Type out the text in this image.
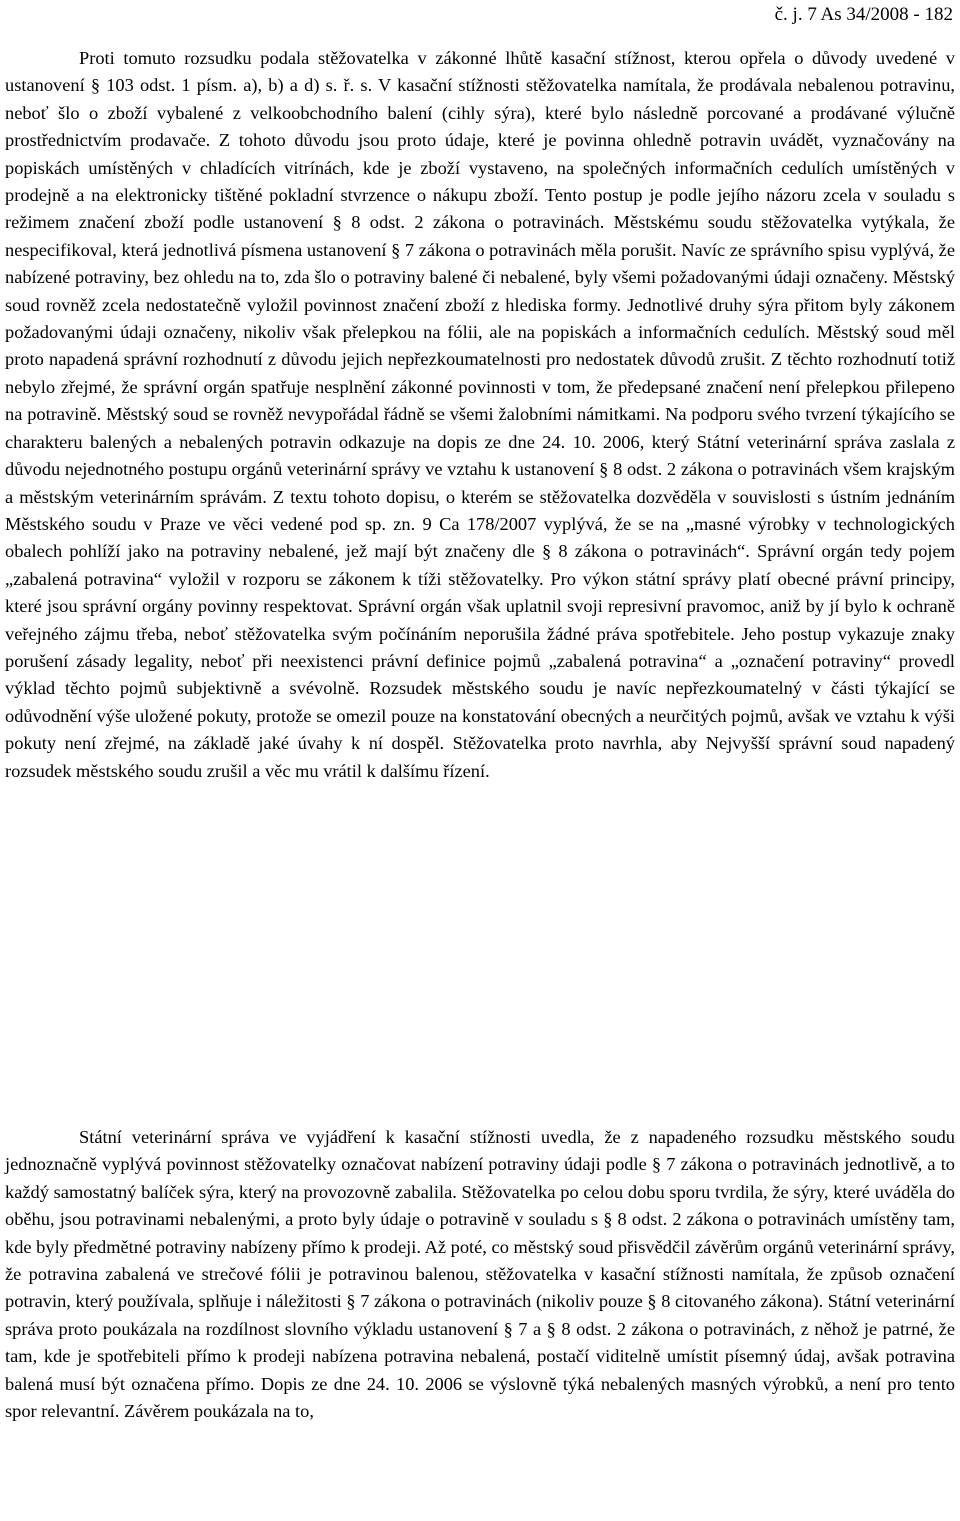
č. j. 7 As 34/2008 - 182

Proti tomuto rozsudku podala stěžovatelka v zákonné lhůtě kasační stížnost, kterou opřela o důvody uvedené v ustanovení § 103 odst. 1 písm. a), b) a d) s. ř. s. V kasační stížnosti stěžovatelka namítala, že prodávala nebalenou potravinu, neboť šlo o zboží vybalené z velkoobchodního balení (cihly sýra), které bylo následně porcované a prodávané výlučně prostřednictvím prodavače. Z tohoto důvodu jsou proto údaje, které je povinna ohledně potravin uvádět, vyznačovány na popiskách umístěných v chladících vitrínách, kde je zboží vystaveno, na společných informačních cedulích umístěných v prodejně a na elektronicky tištěné pokladní stvrzence o nákupu zboží. Tento postup je podle jejího názoru zcela v souladu s režimem značení zboží podle ustanovení § 8 odst. 2 zákona o potravinách. Městskému soudu stěžovatelka vytýkala, že nespecifikoval, která jednotlivá písmena ustanovení § 7 zákona o potravinách měla porušit. Navíc ze správního spisu vyplývá, že nabízené potraviny, bez ohledu na to, zda šlo o potraviny balené či nebalené, byly všemi požadovanými údaji označeny. Městský soud rovněž zcela nedostatečně vyložil povinnost značení zboží z hlediska formy. Jednotlivé druhy sýra přitom byly zákonem požadovanými údaji označeny, nikoliv však přelepkou na fólii, ale na popiskách a informačních cedulích. Městský soud měl proto napadená správní rozhodnutí z důvodu jejich nepřezkoumatelnosti pro nedostatek důvodů zrušit. Z těchto rozhodnutí totiž nebylo zřejmé, že správní orgán spatřuje nesplnění zákonné povinnosti v tom, že předepsané značení není přelepkou přilepeno na potravině. Městský soud se rovněž nevypořádal řádně se všemi žalobními námitkami. Na podporu svého tvrzení týkajícího se charakteru balených a nebalených potravin odkazuje na dopis ze dne 24. 10. 2006, který Státní veterinární správa zaslala z důvodu nejednotného postupu orgánů veterinární správy ve vztahu k ustanovení § 8 odst. 2 zákona o potravinách všem krajským a městským veterinárním správám. Z textu tohoto dopisu, o kterém se stěžovatelka dozvěděla v souvislosti s ústním jednáním Městského soudu v Praze ve věci vedené pod sp. zn. 9 Ca 178/2007 vyplývá, že se na „masné výrobky v technologických obalech pohlíží jako na potraviny nebalené, jež mají být značeny dle § 8 zákona o potravinách“. Správní orgán tedy pojem „zabalená potravina“ vyložil v rozporu se zákonem k tíži stěžovatelky. Pro výkon státní správy platí obecné právní principy, které jsou správní orgány povinny respektovat. Správní orgán však uplatnil svoji represivní pravomoc, aniž by jí bylo k ochraně veřejného zájmu třeba, neboť stěžovatelka svým počínáním neporušila žádné práva spotřebitele. Jeho postup vykazuje znaky porušení zásady legality, neboť při neexistenci právní definice pojmů „zabalená potravina“ a „označení potraviny“ provedl výklad těchto pojmů subjektivně a svévolně. Rozsudek městského soudu je navíc nepřezkoumatelný v části týkající se odůvodnění výše uložené pokuty, protože se omezil pouze na konstatování obecných a neurčitých pojmů, avšak ve vztahu k výši pokuty není zřejmé, na základě jaké úvahy k ní dospěl. Stěžovatelka proto navrhla, aby Nejvyšší správní soud napadený rozsudek městského soudu zrušil a věc mu vrátil k dalšímu řízení.

Státní veterinární správa ve vyjádření k kasační stížnosti uvedla, že z napadeného rozsudku městského soudu jednoznačně vyplývá povinnost stěžovatelky označovat nabízení potraviny údaji podle § 7 zákona o potravinách jednotlivě, a to každý samostatný balíček sýra, který na provozovně zabalila. Stěžovatelka po celou dobu sporu tvrdila, že sýry, které uváděla do oběhu, jsou potravinami nebalenými, a proto byly údaje o potravině v souladu s § 8 odst. 2 zákona o potravinách umístěny tam, kde byly předmětné potraviny nabízeny přímo k prodeji. Až poté, co městský soud přisvědčil závěrům orgánů veterinární správy, že potravina zabalená ve strečové fólii je potravinou balenou, stěžovatelka v kasační stížnosti namítala, že způsob označení potravin, který používala, splňuje i náležitosti § 7 zákona o potravinách (nikoliv pouze § 8 citovaného zákona). Státní veterinární správa proto poukázala na rozdílnost slovního výkladu ustanovení § 7 a § 8 odst. 2 zákona o potravinách, z něhož je patrné, že tam, kde je spotřebiteli přímo k prodeji nabízena potravina nebalená, postačí viditelně umístit písemný údaj, avšak potravina balená musí být označena přímo. Dopis ze dne 24. 10. 2006 se výslovně týká nebalených masných výrobků, a není pro tento spor relevantní. Závěrem poukázala na to,
